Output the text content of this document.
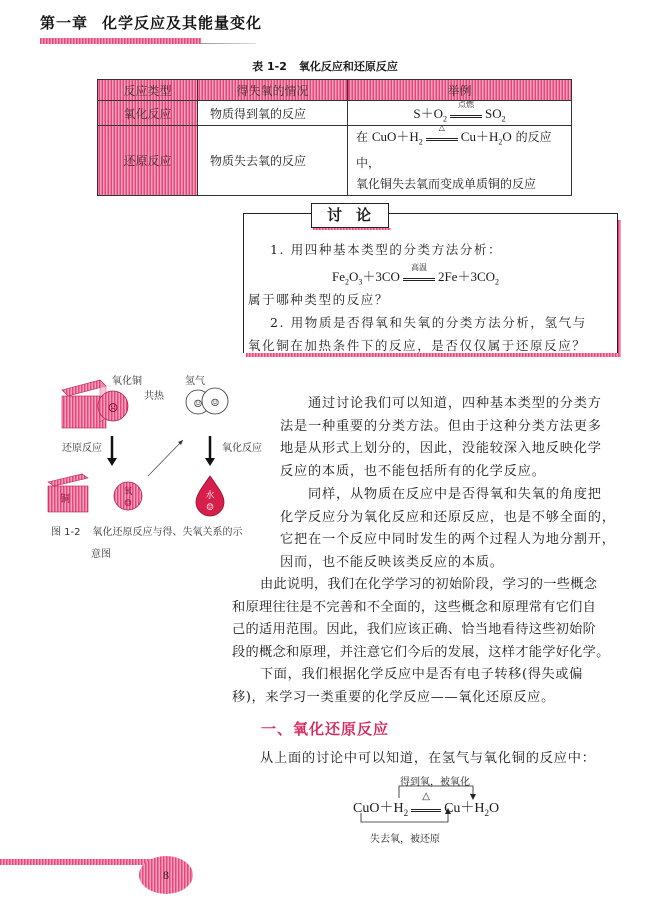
第一章 化学反应及其能量变化
表 1-2 氧化反应和还原反应
反应类型	得失氧的情况	举例
氧化反应	物质得到氧的反应	$S+O_2$
点燃
$SO_2$
还原反应	物质失去氧的反应	在 $CuO+H_2$
△
$Cu+H_2O$ 的反应中，
氧化铜失去氧而变成单质铜的反应
讨论
1. 用四种基本类型的分类方法分析：
$Fe_2O_3+3CO$
高温
$2Fe+3CO_2$
属于哪种类型的反应？
2. 用物质是否得氧和失氧的分类方法分析，氢气与
氧化铜在加热条件下的反应，是否仅仅属于还原反应？
☹	☺ ☺
铜
氧
☺
水
☺
氧化铜	氢气
共热
还原反应	氧化反应
图 1-2 氧化还原反应与得、失氧关系的示
意图
通过讨论我们可以知道，四种基本类型的分类方
法是一种重要的分类方法。但由于这种分类方法更多
地是从形式上划分的，因此，没能较深入地反映化学
反应的本质，也不能包括所有的化学反应。
同样，从物质在反应中是否得氧和失氧的角度把
化学反应分为氧化反应和还原反应，也是不够全面的，
它把在一个反应中同时发生的两个过程人为地分割开，
因而，也不能反映该类反应的本质。
由此说明，我们在化学学习的初始阶段，学习的一些概念
和原理往往是不完善和不全面的，这些概念和原理常有它们自
己的适用范围。因此，我们应该正确、恰当地看待这些初始阶
段的概念和原理，并注意它们今后的发展，这样才能学好化学。
下面，我们根据化学反应中是否有电子转移(得失或偏
移)，来学习一类重要的化学反应——氧化还原反应。
一、氧化还原反应
从上面的讨论中可以知道，在氢气与氧化铜的反应中：
得到氧，被氧化
$CuO+H_2$
△
$Cu+H_2O$
失去氧，被还原
8
